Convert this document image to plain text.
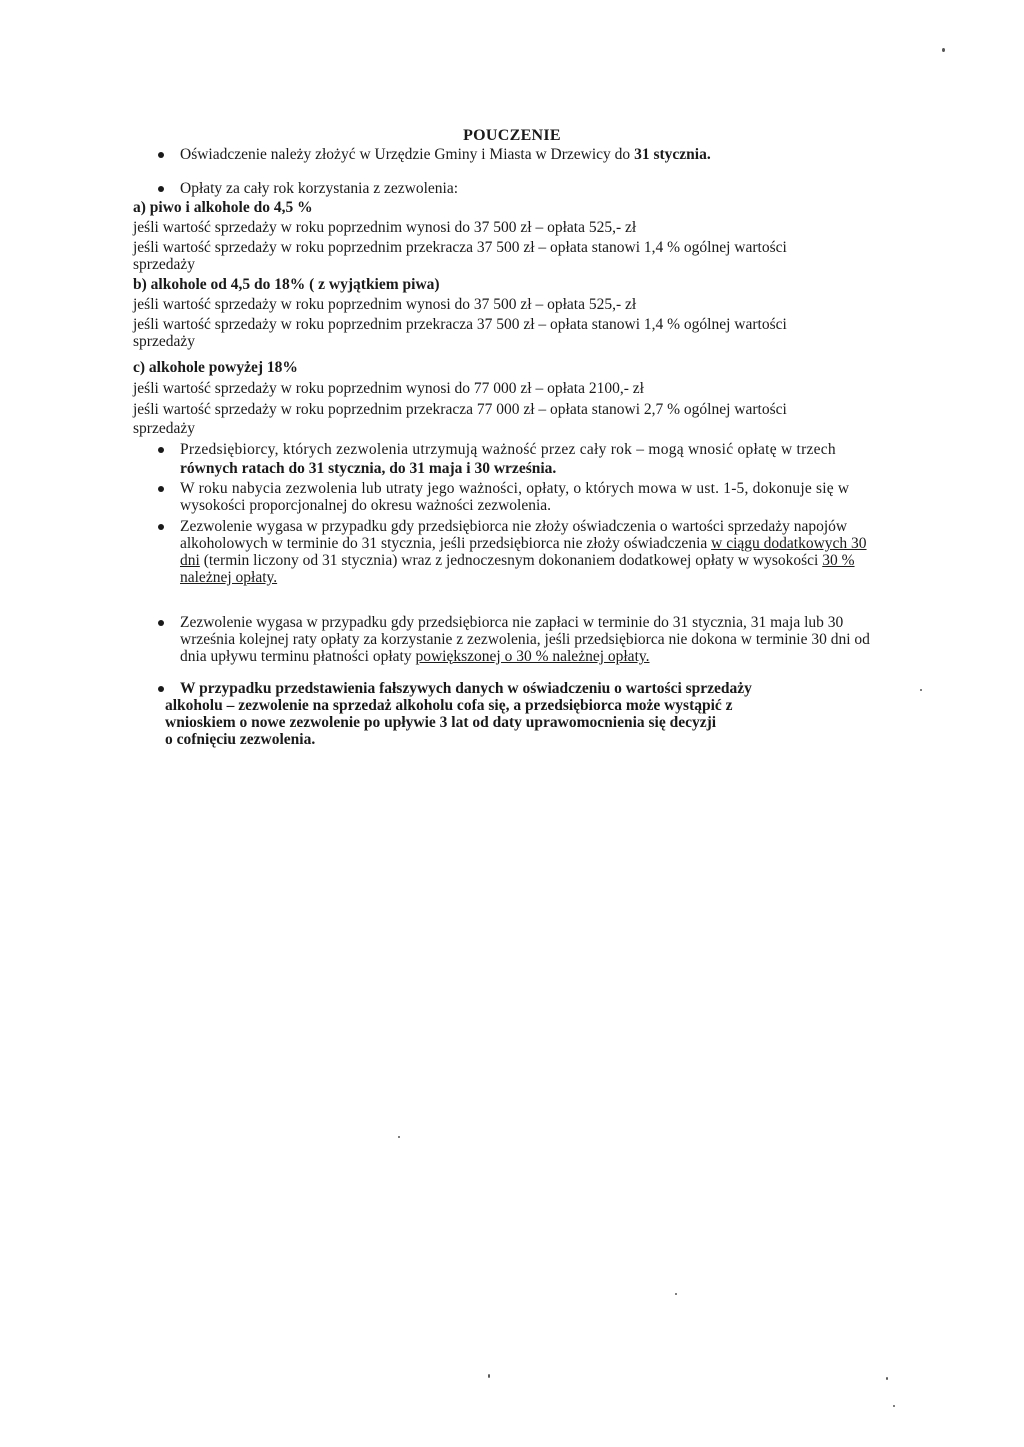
POUCZENIE
Oświadczenie należy złożyć w Urzędzie Gminy i Miasta w Drzewicy do 31 stycznia.
Opłaty za cały rok korzystania z zezwolenia:
a) piwo i alkohole do 4,5 %
jeśli wartość sprzedaży w roku poprzednim wynosi do 37 500 zł – opłata 525,- zł
jeśli wartość sprzedaży w roku poprzednim przekracza 37 500 zł – opłata stanowi 1,4 % ogólnej wartości
sprzedaży
b) alkohole od 4,5 do 18% ( z wyjątkiem piwa)
jeśli wartość sprzedaży w roku poprzednim wynosi do 37 500 zł – opłata 525,- zł
jeśli wartość sprzedaży w roku poprzednim przekracza 37 500 zł – opłata stanowi 1,4 % ogólnej wartości
sprzedaży
c) alkohole powyżej 18%
jeśli wartość sprzedaży w roku poprzednim wynosi do 77 000 zł – opłata 2100,- zł
jeśli wartość sprzedaży w roku poprzednim przekracza 77 000 zł – opłata stanowi 2,7 % ogólnej wartości
sprzedaży
Przedsiębiorcy, których zezwolenia utrzymują ważność przez cały rok – mogą wnosić opłatę w trzech
równych ratach do 31 stycznia, do 31 maja i 30 września.
W roku nabycia zezwolenia lub utraty jego ważności, opłaty, o których mowa w ust. 1-5, dokonuje się w
wysokości proporcjonalnej do okresu ważności zezwolenia.
Zezwolenie wygasa w przypadku gdy przedsiębiorca nie złoży oświadczenia o wartości sprzedaży napojów
alkoholowych w terminie do 31 stycznia, jeśli przedsiębiorca nie złoży oświadczenia w ciągu dodatkowych 30
dni (termin liczony od 31 stycznia) wraz z jednoczesnym dokonaniem dodatkowej opłaty w wysokości 30 %
należnej opłaty.
Zezwolenie wygasa w przypadku gdy przedsiębiorca nie zapłaci w terminie do 31 stycznia, 31 maja lub 30
września kolejnej raty opłaty za korzystanie z zezwolenia, jeśli przedsiębiorca nie dokona w terminie 30 dni od
dnia upływu terminu płatności opłaty powiększonej o 30 % należnej opłaty.
W przypadku przedstawienia fałszywych danych w oświadczeniu o wartości sprzedaży
alkoholu – zezwolenie na sprzedaż alkoholu cofa się, a przedsiębiorca może wystąpić z
wnioskiem o nowe zezwolenie po upływie 3 lat od daty uprawomocnienia się decyzji
o cofnięciu zezwolenia.
